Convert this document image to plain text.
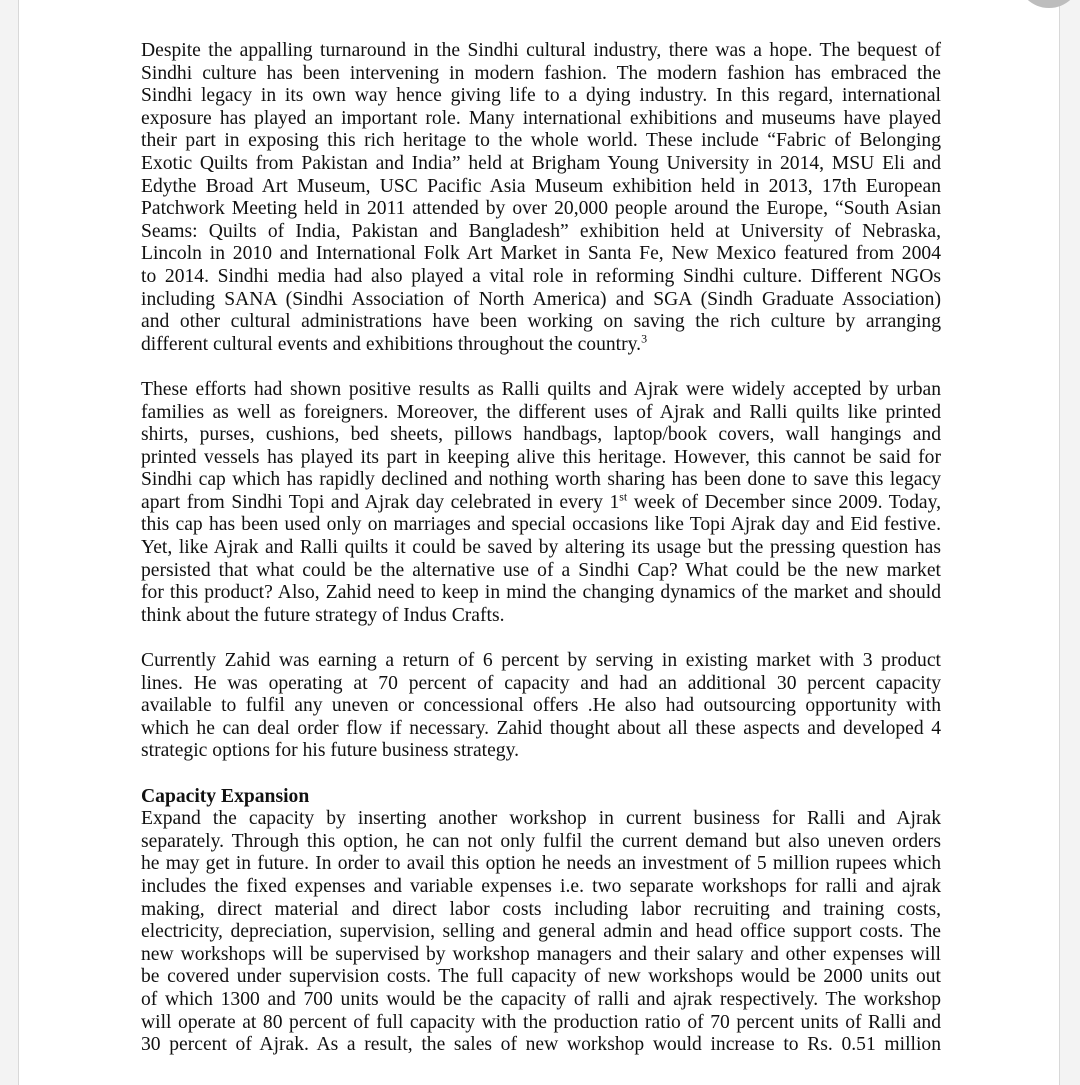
Despite the appalling turnaround in the Sindhi cultural industry, there was a hope. The bequest of

Sindhi culture has been intervening in modern fashion. The modern fashion has embraced the

Sindhi legacy in its own way hence giving life to a dying industry. In this regard, international

exposure has played an important role. Many international exhibitions and museums have played

their part in exposing this rich heritage to the whole world. These include “Fabric of Belonging

Exotic Quilts from Pakistan and India” held at Brigham Young University in 2014, MSU Eli and

Edythe Broad Art Museum, USC Pacific Asia Museum exhibition held in 2013, 17th European

Patchwork Meeting held in 2011 attended by over 20,000 people around the Europe, “South Asian

Seams: Quilts of India, Pakistan and Bangladesh” exhibition held at University of Nebraska,

Lincoln in 2010 and International Folk Art Market in Santa Fe, New Mexico featured from 2004

to 2014. Sindhi media had also played a vital role in reforming Sindhi culture. Different NGOs

including SANA (Sindhi Association of North America) and SGA (Sindh Graduate Association)

and other cultural administrations have been working on saving the rich culture by arranging

different cultural events and exhibitions throughout the country.$^3$

These efforts had shown positive results as Ralli quilts and Ajrak were widely accepted by urban

families as well as foreigners. Moreover, the different uses of Ajrak and Ralli quilts like printed

shirts, purses, cushions, bed sheets, pillows handbags, laptop/book covers, wall hangings and

printed vessels has played its part in keeping alive this heritage. However, this cannot be said for

Sindhi cap which has rapidly declined and nothing worth sharing has been done to save this legacy

apart from Sindhi Topi and Ajrak day celebrated in every 1st week of December since 2009. Today,

this cap has been used only on marriages and special occasions like Topi Ajrak day and Eid festive.

Yet, like Ajrak and Ralli quilts it could be saved by altering its usage but the pressing question has

persisted that what could be the alternative use of a Sindhi Cap? What could be the new market

for this product? Also, Zahid need to keep in mind the changing dynamics of the market and should

think about the future strategy of Indus Crafts.

Currently Zahid was earning a return of 6 percent by serving in existing market with 3 product

lines. He was operating at 70 percent of capacity and had an additional 30 percent capacity

available to fulfil any uneven or concessional offers .He also had outsourcing opportunity with

which he can deal order flow if necessary. Zahid thought about all these aspects and developed 4

strategic options for his future business strategy.

Capacity Expansion

Expand the capacity by inserting another workshop in current business for Ralli and Ajrak

separately. Through this option, he can not only fulfil the current demand but also uneven orders

he may get in future. In order to avail this option he needs an investment of 5 million rupees which

includes the fixed expenses and variable expenses i.e. two separate workshops for ralli and ajrak

making, direct material and direct labor costs including labor recruiting and training costs,

electricity, depreciation, supervision, selling and general admin and head office support costs. The

new workshops will be supervised by workshop managers and their salary and other expenses will

be covered under supervision costs. The full capacity of new workshops would be 2000 units out

of which 1300 and 700 units would be the capacity of ralli and ajrak respectively. The workshop

will operate at 80 percent of full capacity with the production ratio of 70 percent units of Ralli and

30 percent of Ajrak. As a result, the sales of new workshop would increase to Rs. 0.51 million
